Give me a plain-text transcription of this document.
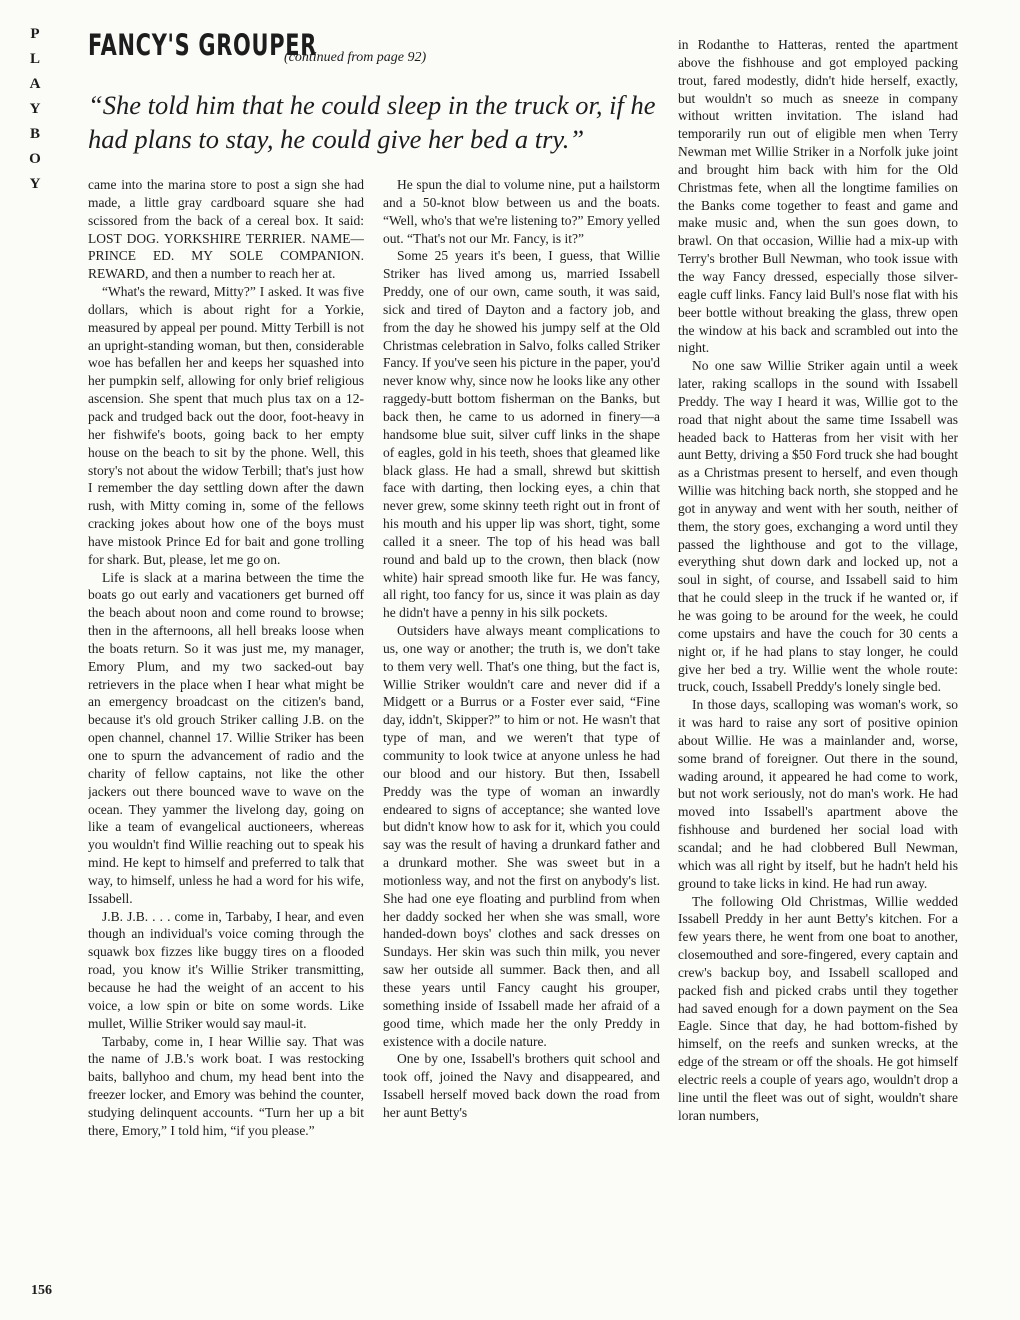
P
L
A
Y
B
O
Y
FANCY'S GROUPER
(continued from page 92)
“She told him that he could sleep in the truck or, if he had plans to stay, he could give her bed a try.”

came into the marina store to post a sign she had made, a little gray cardboard square she had scissored from the back of a cereal box. It said: LOST DOG. YORKSHIRE TERRIER. NAME—PRINCE ED. MY SOLE COMPANION. REWARD, and then a number to reach her at.

“What's the reward, Mitty?” I asked. It was five dollars, which is about right for a Yorkie, measured by appeal per pound. Mitty Terbill is not an upright-standing woman, but then, considerable woe has befallen her and keeps her squashed into her pumpkin self, allowing for only brief religious ascension. She spent that much plus tax on a 12-pack and trudged back out the door, foot-heavy in her fishwife's boots, going back to her empty house on the beach to sit by the phone. Well, this story's not about the widow Terbill; that's just how I remember the day settling down after the dawn rush, with Mitty coming in, some of the fellows cracking jokes about how one of the boys must have mistook Prince Ed for bait and gone trolling for shark. But, please, let me go on.

Life is slack at a marina between the time the boats go out early and vacationers get burned off the beach about noon and come round to browse; then in the afternoons, all hell breaks loose when the boats return. So it was just me, my manager, Emory Plum, and my two sacked-out bay retrievers in the place when I hear what might be an emergency broadcast on the citizen's band, because it's old grouch Striker calling J.B. on the open channel, channel 17. Willie Striker has been one to spurn the advancement of radio and the charity of fellow captains, not like the other jackers out there bounced wave to wave on the ocean. They yammer the livelong day, going on like a team of evangelical auctioneers, whereas you wouldn't find Willie reaching out to speak his mind. He kept to himself and preferred to talk that way, to himself, unless he had a word for his wife, Issabell.

J.B. J.B. . . . come in, Tarbaby, I hear, and even though an individual's voice coming through the squawk box fizzes like buggy tires on a flooded road, you know it's Willie Striker transmitting, because he had the weight of an accent to his voice, a low spin or bite on some words. Like mullet, Willie Striker would say maul-it.

Tarbaby, come in, I hear Willie say. That was the name of J.B.'s work boat. I was restocking baits, ballyhoo and chum, my head bent into the freezer locker, and Emory was behind the counter, studying delinquent accounts. “Turn her up a bit there, Emory,” I told him, “if you please.”

He spun the dial to volume nine, put a hailstorm and a 50-knot blow between us and the boats. “Well, who's that we're listening to?” Emory yelled out. “That's not our Mr. Fancy, is it?”

Some 25 years it's been, I guess, that Willie Striker has lived among us, married Issabell Preddy, one of our own, came south, it was said, sick and tired of Dayton and a factory job, and from the day he showed his jumpy self at the Old Christmas celebration in Salvo, folks called Striker Fancy. If you've seen his picture in the paper, you'd never know why, since now he looks like any other raggedy-butt bottom fisherman on the Banks, but back then, he came to us adorned in finery—a handsome blue suit, silver cuff links in the shape of eagles, gold in his teeth, shoes that gleamed like black glass. He had a small, shrewd but skittish face with darting, then locking eyes, a chin that never grew, some skinny teeth right out in front of his mouth and his upper lip was short, tight, some called it a sneer. The top of his head was ball round and bald up to the crown, then black (now white) hair spread smooth like fur. He was fancy, all right, too fancy for us, since it was plain as day he didn't have a penny in his silk pockets.

Outsiders have always meant complications to us, one way or another; the truth is, we don't take to them very well. That's one thing, but the fact is, Willie Striker wouldn't care and never did if a Midgett or a Burrus or a Foster ever said, “Fine day, iddn't, Skipper?” to him or not. He wasn't that type of man, and we weren't that type of community to look twice at anyone unless he had our blood and our history. But then, Issabell Preddy was the type of woman an inwardly endeared to signs of acceptance; she wanted love but didn't know how to ask for it, which you could say was the result of having a drunkard father and a drunkard mother. She was sweet but in a motionless way, and not the first on anybody's list. She had one eye floating and purblind from when her daddy socked her when she was small, wore handed-down boys' clothes and sack dresses on Sundays. Her skin was such thin milk, you never saw her outside all summer. Back then, and all these years until Fancy caught his grouper, something inside of Issabell made her afraid of a good time, which made her the only Preddy in existence with a docile nature.

One by one, Issabell's brothers quit school and took off, joined the Navy and disappeared, and Issabell herself moved back down the road from her aunt Betty's

in Rodanthe to Hatteras, rented the apartment above the fishhouse and got employed packing trout, fared modestly, didn't hide herself, exactly, but wouldn't so much as sneeze in company without written invitation. The island had temporarily run out of eligible men when Terry Newman met Willie Striker in a Norfolk juke joint and brought him back with him for the Old Christmas fete, when all the longtime families on the Banks come together to feast and game and make music and, when the sun goes down, to brawl. On that occasion, Willie had a mix-up with Terry's brother Bull Newman, who took issue with the way Fancy dressed, especially those silver-eagle cuff links. Fancy laid Bull's nose flat with his beer bottle without breaking the glass, threw open the window at his back and scrambled out into the night.

No one saw Willie Striker again until a week later, raking scallops in the sound with Issabell Preddy. The way I heard it was, Willie got to the road that night about the same time Issabell was headed back to Hatteras from her visit with her aunt Betty, driving a $50 Ford truck she had bought as a Christmas present to herself, and even though Willie was hitching back north, she stopped and he got in anyway and went with her south, neither of them, the story goes, exchanging a word until they passed the lighthouse and got to the village, everything shut down dark and locked up, not a soul in sight, of course, and Issabell said to him that he could sleep in the truck if he wanted or, if he was going to be around for the week, he could come upstairs and have the couch for 30 cents a night or, if he had plans to stay longer, he could give her bed a try. Willie went the whole route: truck, couch, Issabell Preddy's lonely single bed.

In those days, scalloping was woman's work, so it was hard to raise any sort of positive opinion about Willie. He was a mainlander and, worse, some brand of foreigner. Out there in the sound, wading around, it appeared he had come to work, but not work seriously, not do man's work. He had moved into Issabell's apartment above the fishhouse and burdened her social load with scandal; and he had clobbered Bull Newman, which was all right by itself, but he hadn't held his ground to take licks in kind. He had run away.

The following Old Christmas, Willie wedded Issabell Preddy in her aunt Betty's kitchen. For a few years there, he went from one boat to another, closemouthed and sore-fingered, every captain and crew's backup boy, and Issabell scalloped and packed fish and picked crabs until they together had saved enough for a down payment on the Sea Eagle. Since that day, he had bottom-fished by himself, on the reefs and sunken wrecks, at the edge of the stream or off the shoals. He got himself electric reels a couple of years ago, wouldn't drop a line until the fleet was out of sight, wouldn't share loran numbers,

156
